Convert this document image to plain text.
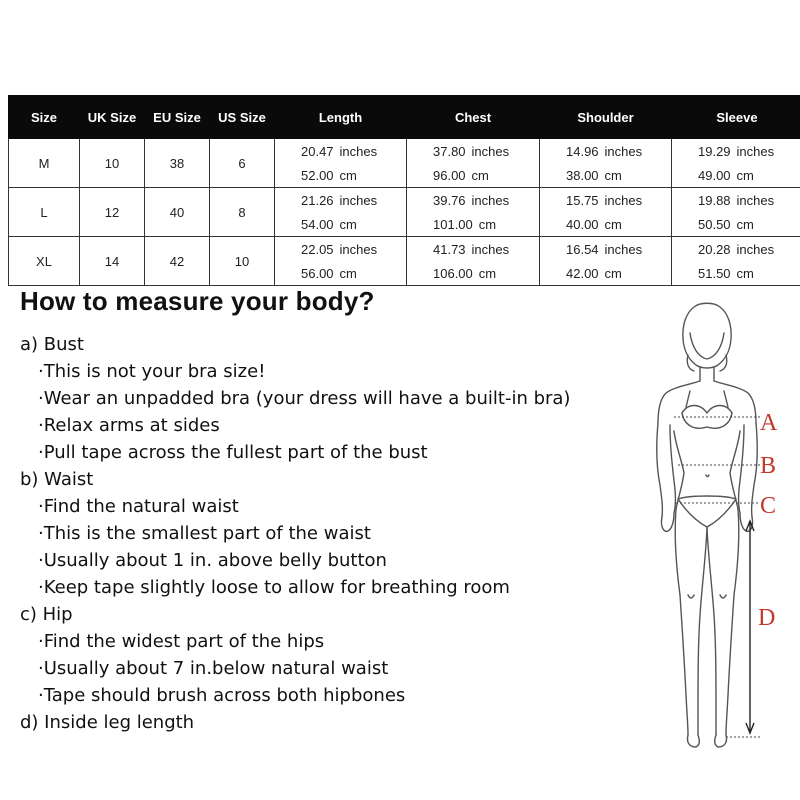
Size	UK Size	EU Size	US Size	Length	Chest	Shoulder	Sleeve
M	10	38	6	20.47 inches	37.80 inches	14.96 inches	19.29 inches
				52.00 cm	96.00 cm	38.00 cm	49.00 cm
L	12	40	8	21.26 inches	39.76 inches	15.75 inches	19.88 inches
				54.00 cm	101.00 cm	40.00 cm	50.50 cm
XL	14	42	10	22.05 inches	41.73 inches	16.54 inches	20.28 inches
				56.00 cm	106.00 cm	42.00 cm	51.50 cm
How to measure your body?
a) Bust
·This is not your bra size!
·Wear an unpadded bra (your dress will have a built-in bra)
·Relax arms at sides
·Pull tape across the fullest part of the bust
b) Waist
·Find the natural waist
·This is the smallest part of the waist
·Usually about 1 in. above belly button
·Keep tape slightly loose to allow for breathing room
c) Hip
·Find the widest part of the hips
·Usually about 7 in.below natural waist
·Tape should brush across both hipbones
d) Inside leg length
A
B
C
D
